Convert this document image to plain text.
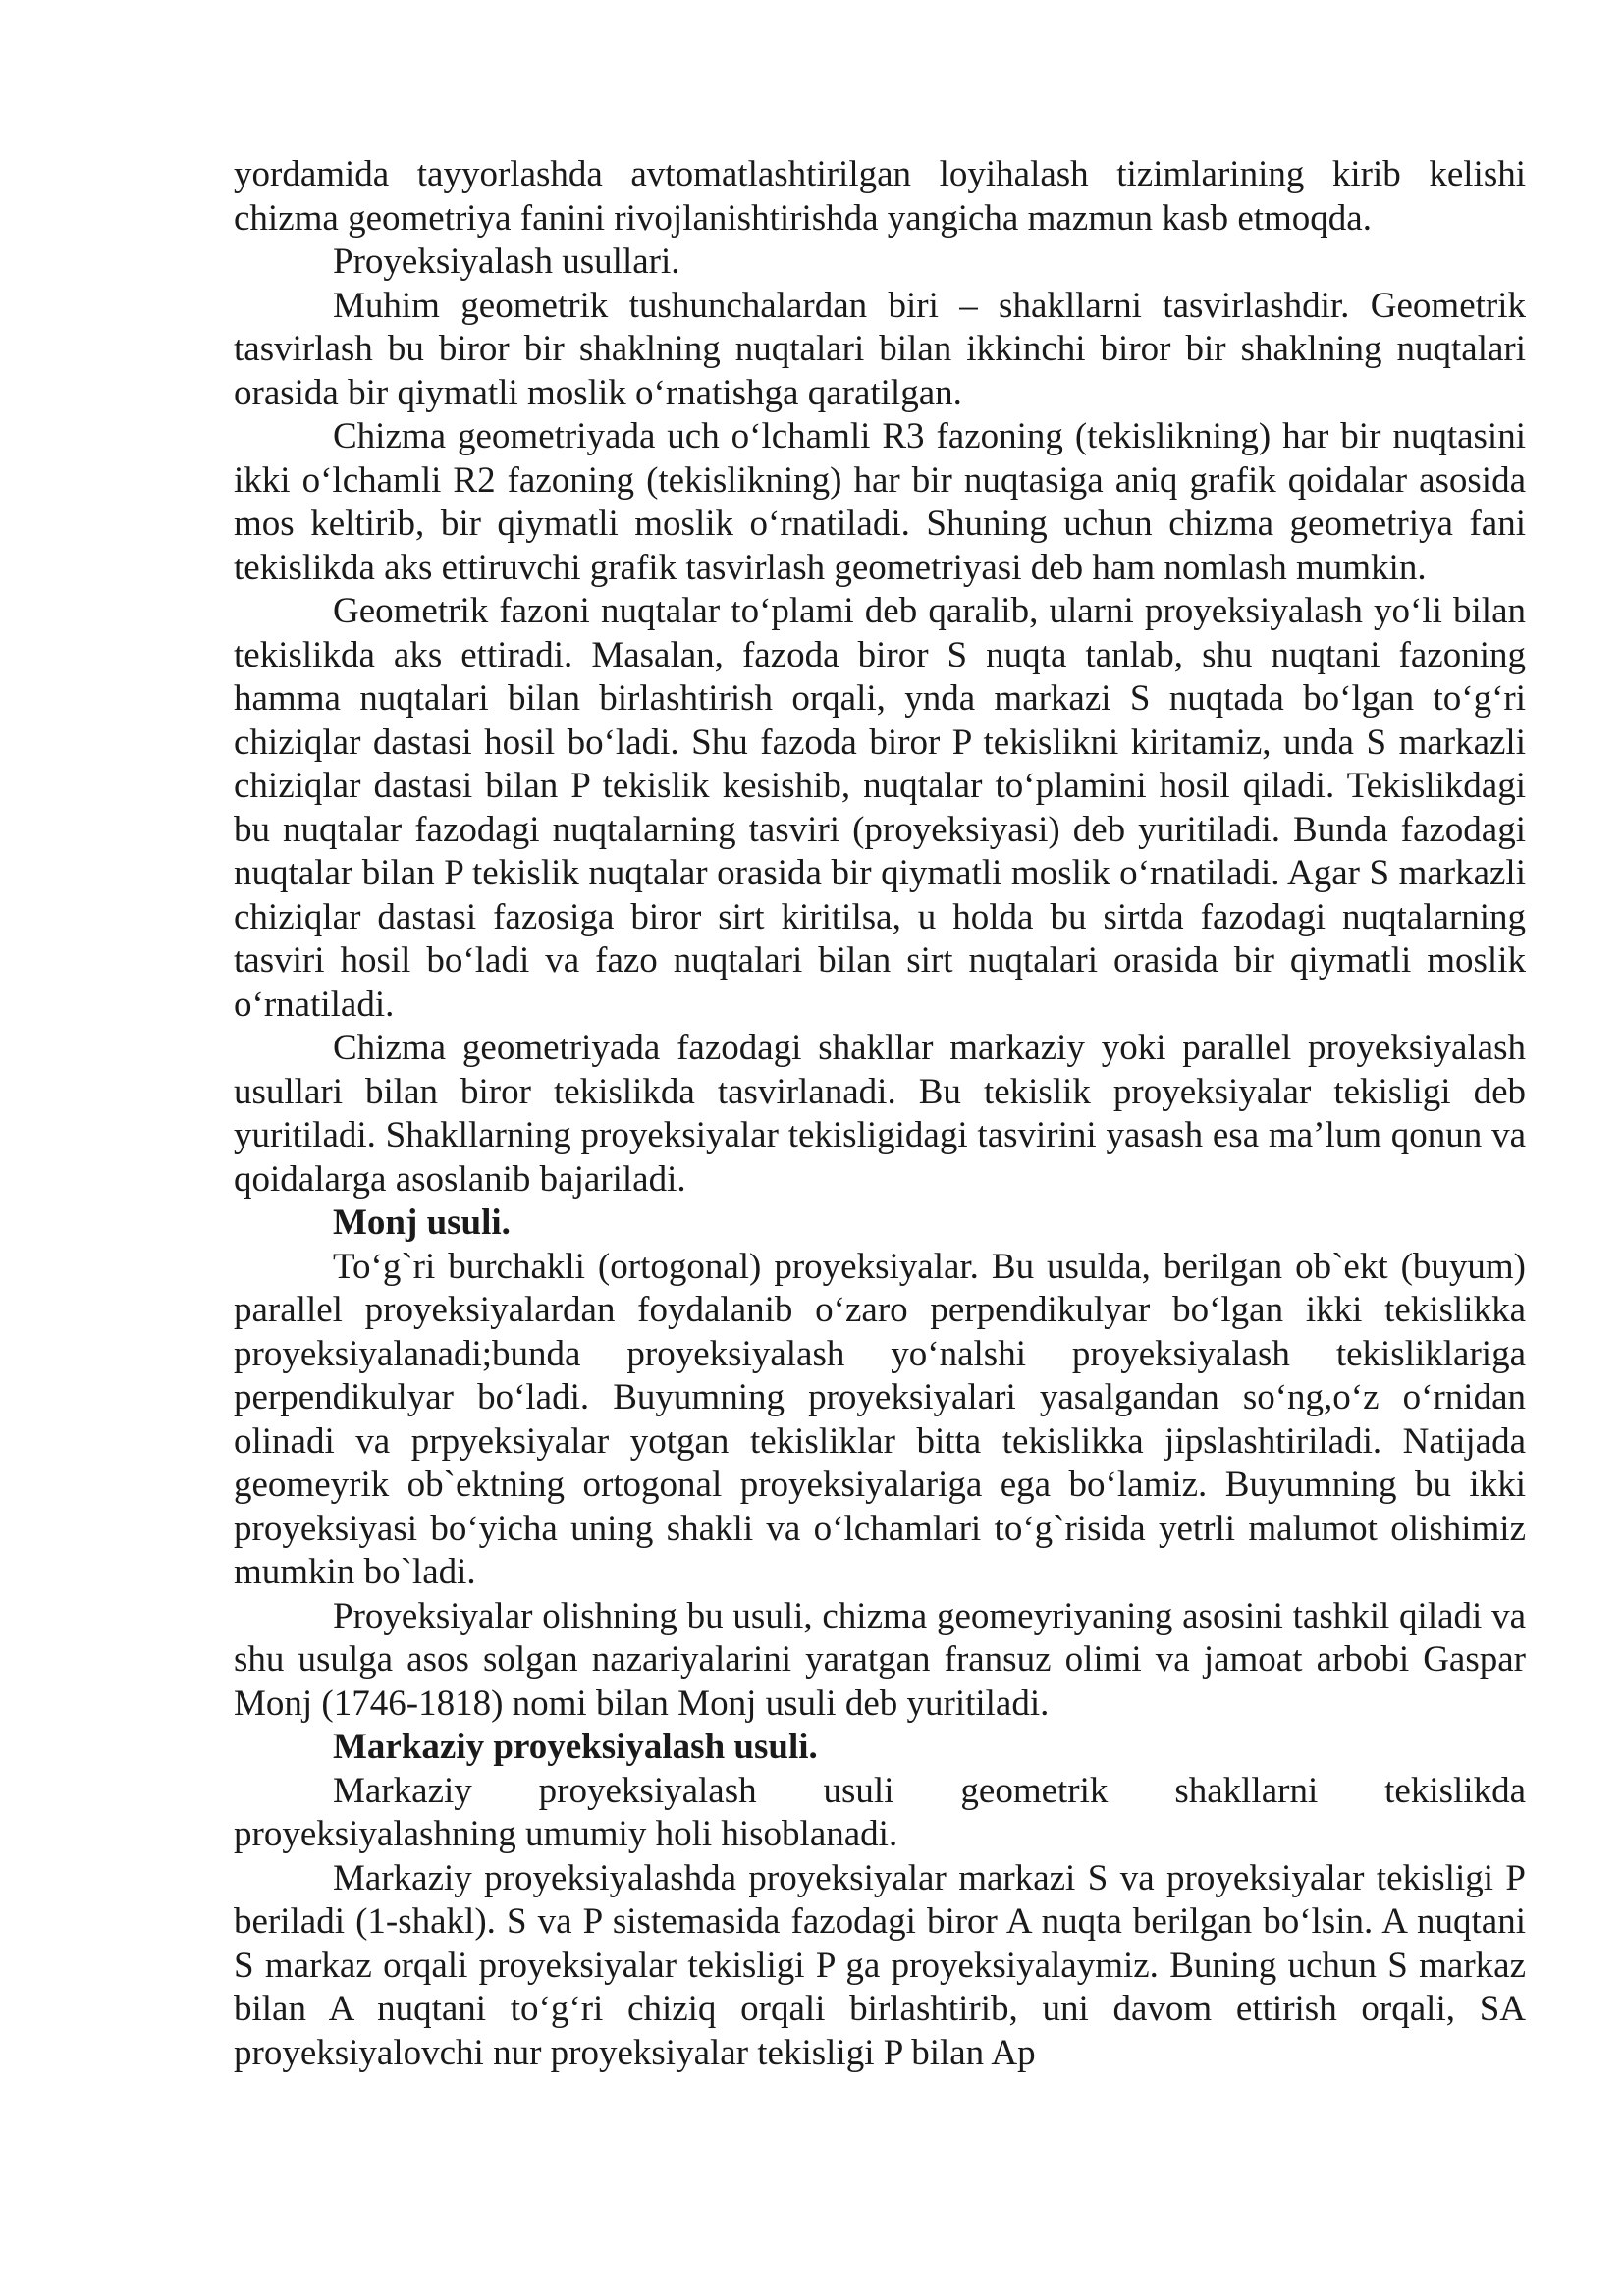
yordamida tayyorlashda avtomatlashtirilgan loyihalash tizimlarining kirib kelishi chizma geometriya fanini rivojlanishtirishda yangicha mazmun kasb etmoqda.

Proyeksiyalash usullari.

Muhim geometrik tushunchalardan biri – shakllarni tasvirlashdir. Geometrik tasvirlash bu biror bir shaklning nuqtalari bilan ikkinchi biror bir shaklning nuqtalari orasida bir qiymatli moslik o‘rnatishga qaratilgan.

Chizma geometriyada uch o‘lchamli R3 fazoning (tekislikning) har bir nuqtasini ikki o‘lchamli R2 fazoning (tekislikning) har bir nuqtasiga aniq grafik qoidalar asosida mos keltirib, bir qiymatli moslik o‘rnatiladi. Shuning uchun chizma geometriya fani tekislikda aks ettiruvchi grafik tasvirlash geometriyasi deb ham nomlash mumkin.

Geometrik fazoni nuqtalar to‘plami deb qaralib, ularni proyeksiyalash yo‘li bilan tekislikda aks ettiradi. Masalan, fazoda biror S nuqta tanlab, shu nuqtani fazoning hamma nuqtalari bilan birlashtirish orqali, ynda markazi S nuqtada bo‘lgan to‘g‘ri chiziqlar dastasi hosil bo‘ladi. Shu fazoda biror P tekislikni kiritamiz, unda S markazli chiziqlar dastasi bilan P tekislik kesishib, nuqtalar to‘plamini hosil qiladi. Tekislikdagi bu nuqtalar fazodagi nuqtalarning tasviri (proyeksiyasi) deb yuritiladi. Bunda fazodagi nuqtalar bilan P tekislik nuqtalar orasida bir qiymatli moslik o‘rnatiladi. Agar S markazli chiziqlar dastasi fazosiga biror sirt kiritilsa, u holda bu sirtda fazodagi nuqtalarning tasviri hosil bo‘ladi va fazo nuqtalari bilan sirt nuqtalari orasida bir qiymatli moslik o‘rnatiladi.

Chizma geometriyada fazodagi shakllar markaziy yoki parallel proyeksiyalash usullari bilan biror tekislikda tasvirlanadi. Bu tekislik proyeksiyalar tekisligi deb yuritiladi. Shakllarning proyeksiyalar tekisligidagi tasvirini yasash esa ma’lum qonun va qoidalarga asoslanib bajariladi.

Monj usuli.

To‘g`ri burchakli (ortogonal) proyeksiyalar. Bu usulda, berilgan ob`ekt (buyum) parallel proyeksiyalardan foydalanib o‘zaro perpendikulyar bo‘lgan ikki tekislikka proyeksiyalanadi;bunda proyeksiyalash yo‘nalshi proyeksiyalash tekisliklariga perpendikulyar bo‘ladi. Buyumning proyeksiyalari yasalgandan so‘ng,o‘z o‘rnidan olinadi va prpyeksiyalar yotgan tekisliklar bitta tekislikka jipslashtiriladi. Natijada geomeyrik ob`ektning ortogonal proyeksiyalariga ega bo‘lamiz. Buyumning bu ikki proyeksiyasi bo‘yicha uning shakli va o‘lchamlari to‘g`risida yetrli malumot olishimiz mumkin bo`ladi.

Proyeksiyalar olishning bu usuli, chizma geomeyriyaning asosini tashkil qiladi va shu usulga asos solgan nazariyalarini yaratgan fransuz olimi va jamoat arbobi Gaspar Monj (1746-1818) nomi bilan Monj usuli deb yuritiladi.

Markaziy proyeksiyalash usuli.

Markaziy proyeksiyalash usuli geometrik shakllarni tekislikda proyeksiyalashning umumiy holi hisoblanadi.

Markaziy proyeksiyalashda proyeksiyalar markazi S va proyeksiyalar tekisligi P beriladi (1-shakl). S va P sistemasida fazodagi biror A nuqta berilgan bo‘lsin. A nuqtani S markaz orqali proyeksiyalar tekisligi P ga proyeksiyalaymiz. Buning uchun S markaz bilan A nuqtani to‘g‘ri chiziq orqali birlashtirib, uni davom ettirish orqali, SA proyeksiyalovchi nur proyeksiyalar tekisligi P bilan Ap
